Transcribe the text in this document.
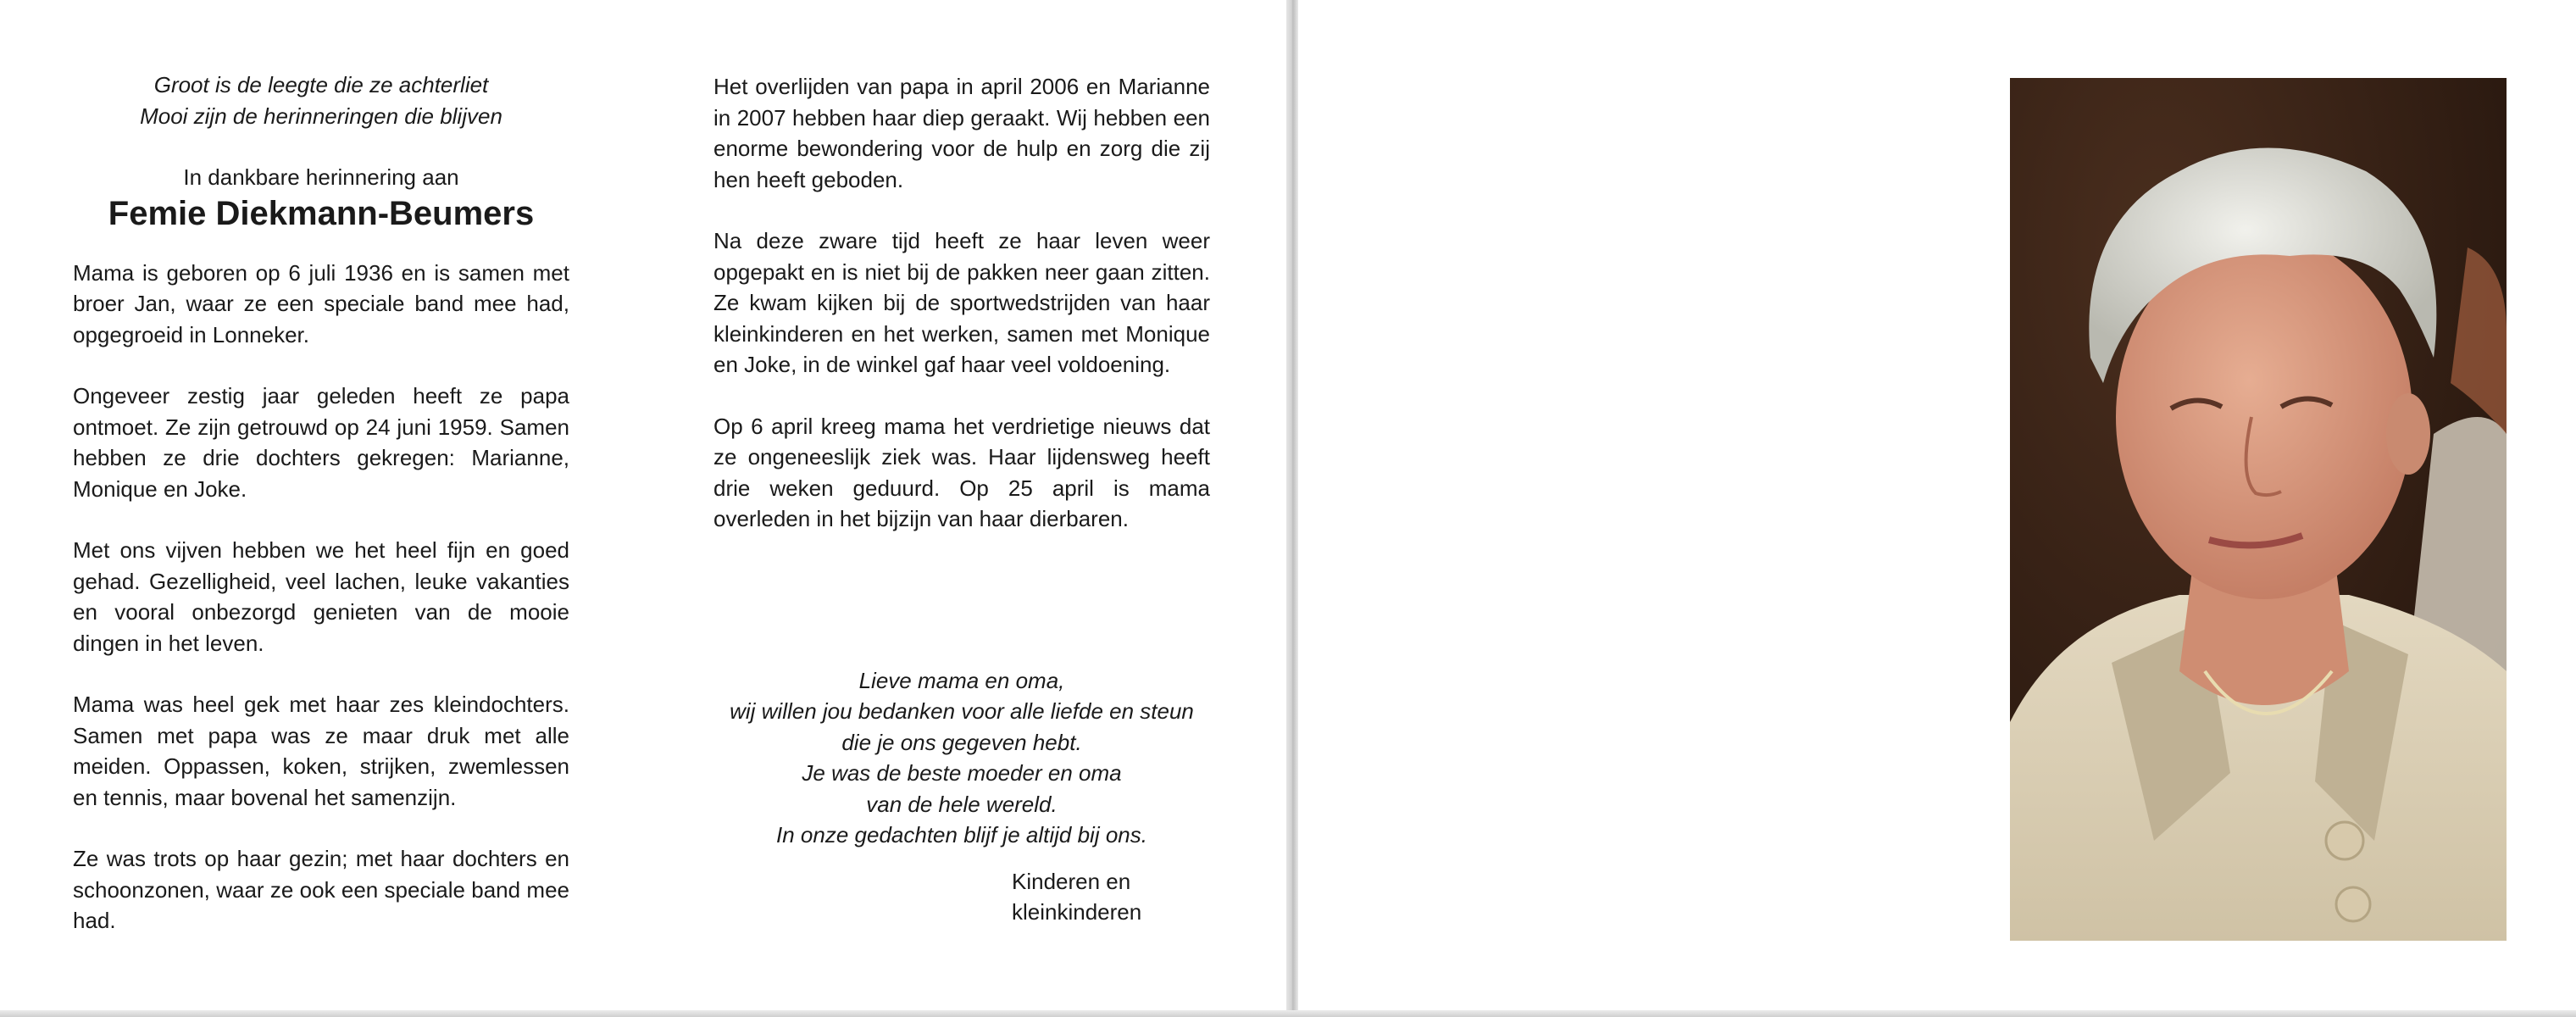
Groot is de leegte die ze achterliet
Mooi zijn de herinneringen die blijven

In dankbare herinnering aan

Femie Diekmann-Beumers

Mama is geboren op 6 juli 1936 en is samen met broer Jan, waar ze een speciale band mee had, opgegroeid in Lonneker.

Ongeveer zestig jaar geleden heeft ze papa ontmoet. Ze zijn getrouwd op 24 juni 1959. Samen hebben ze drie dochters gekregen: Marianne, Monique en Joke.

Met ons vijven hebben we het heel fijn en goed gehad. Gezelligheid, veel lachen, leuke vakanties en vooral onbezorgd genieten van de mooie dingen in het leven.

Mama was heel gek met haar zes kleindochters. Samen met papa was ze maar druk met alle meiden. Oppassen, koken, strijken, zwemlessen en tennis, maar bovenal het samenzijn.

Ze was trots op haar gezin; met haar dochters en schoonzonen, waar ze ook een speciale band mee had.

Het overlijden van papa in april 2006 en Marianne in 2007 hebben haar diep geraakt. Wij hebben een enorme bewondering voor de hulp en zorg die zij hen heeft geboden.

Na deze zware tijd heeft ze haar leven weer opgepakt en is niet bij de pakken neer gaan zitten. Ze kwam kijken bij de sportwedstrijden van haar kleinkinderen en het werken, samen met Monique en Joke, in de winkel gaf haar veel voldoening.

Op 6 april kreeg mama het verdrietige nieuws dat ze ongeneeslijk ziek was. Haar lijdensweg heeft drie weken geduurd. Op 25 april is mama overleden in het bijzijn van haar dierbaren.

Lieve mama en oma,
wij willen jou bedanken voor alle liefde en steun
die je ons gegeven hebt.
Je was de beste moeder en oma
van de hele wereld.
In onze gedachten blijf je altijd bij ons.

Kinderen en

kleinkinderen
